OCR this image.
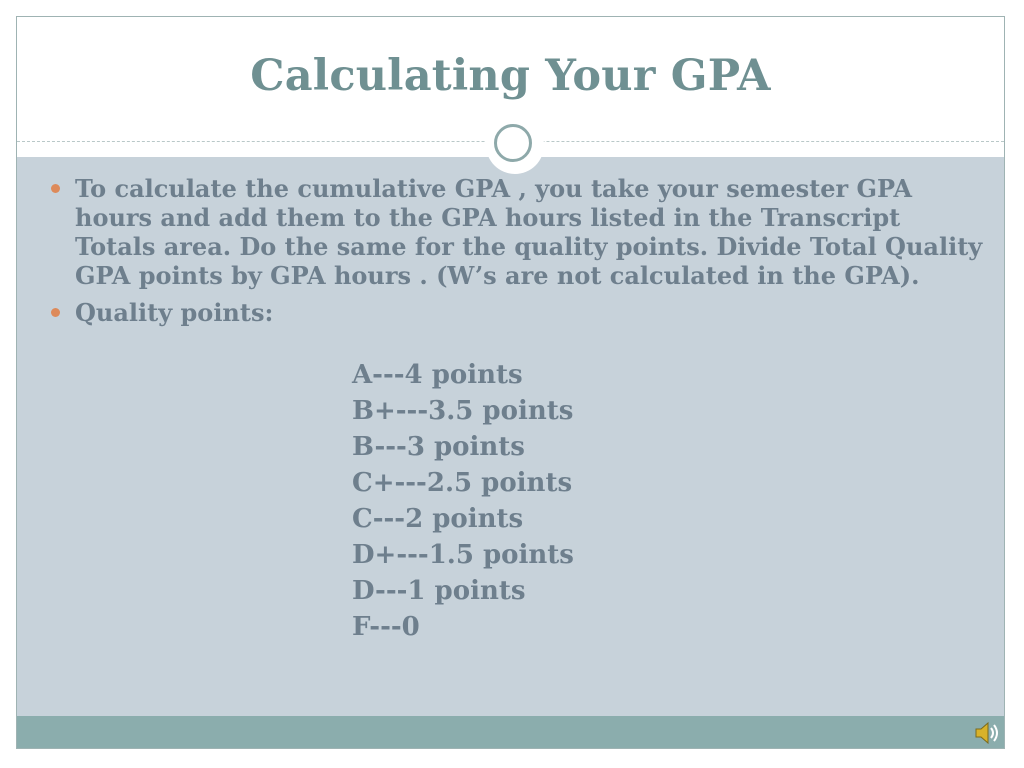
Calculating Your GPA
To calculate the cumulative GPA , you take your semester GPA hours and add them to the GPA hours listed in the Transcript Totals area. Do the same for the quality points. Divide Total Quality GPA points by GPA hours . (W’s are not calculated in the GPA).
Quality points:
A---4 points
B+---3.5 points
B---3 points
C+---2.5 points
C---2 points
D+---1.5 points
D---1 points
F---0
